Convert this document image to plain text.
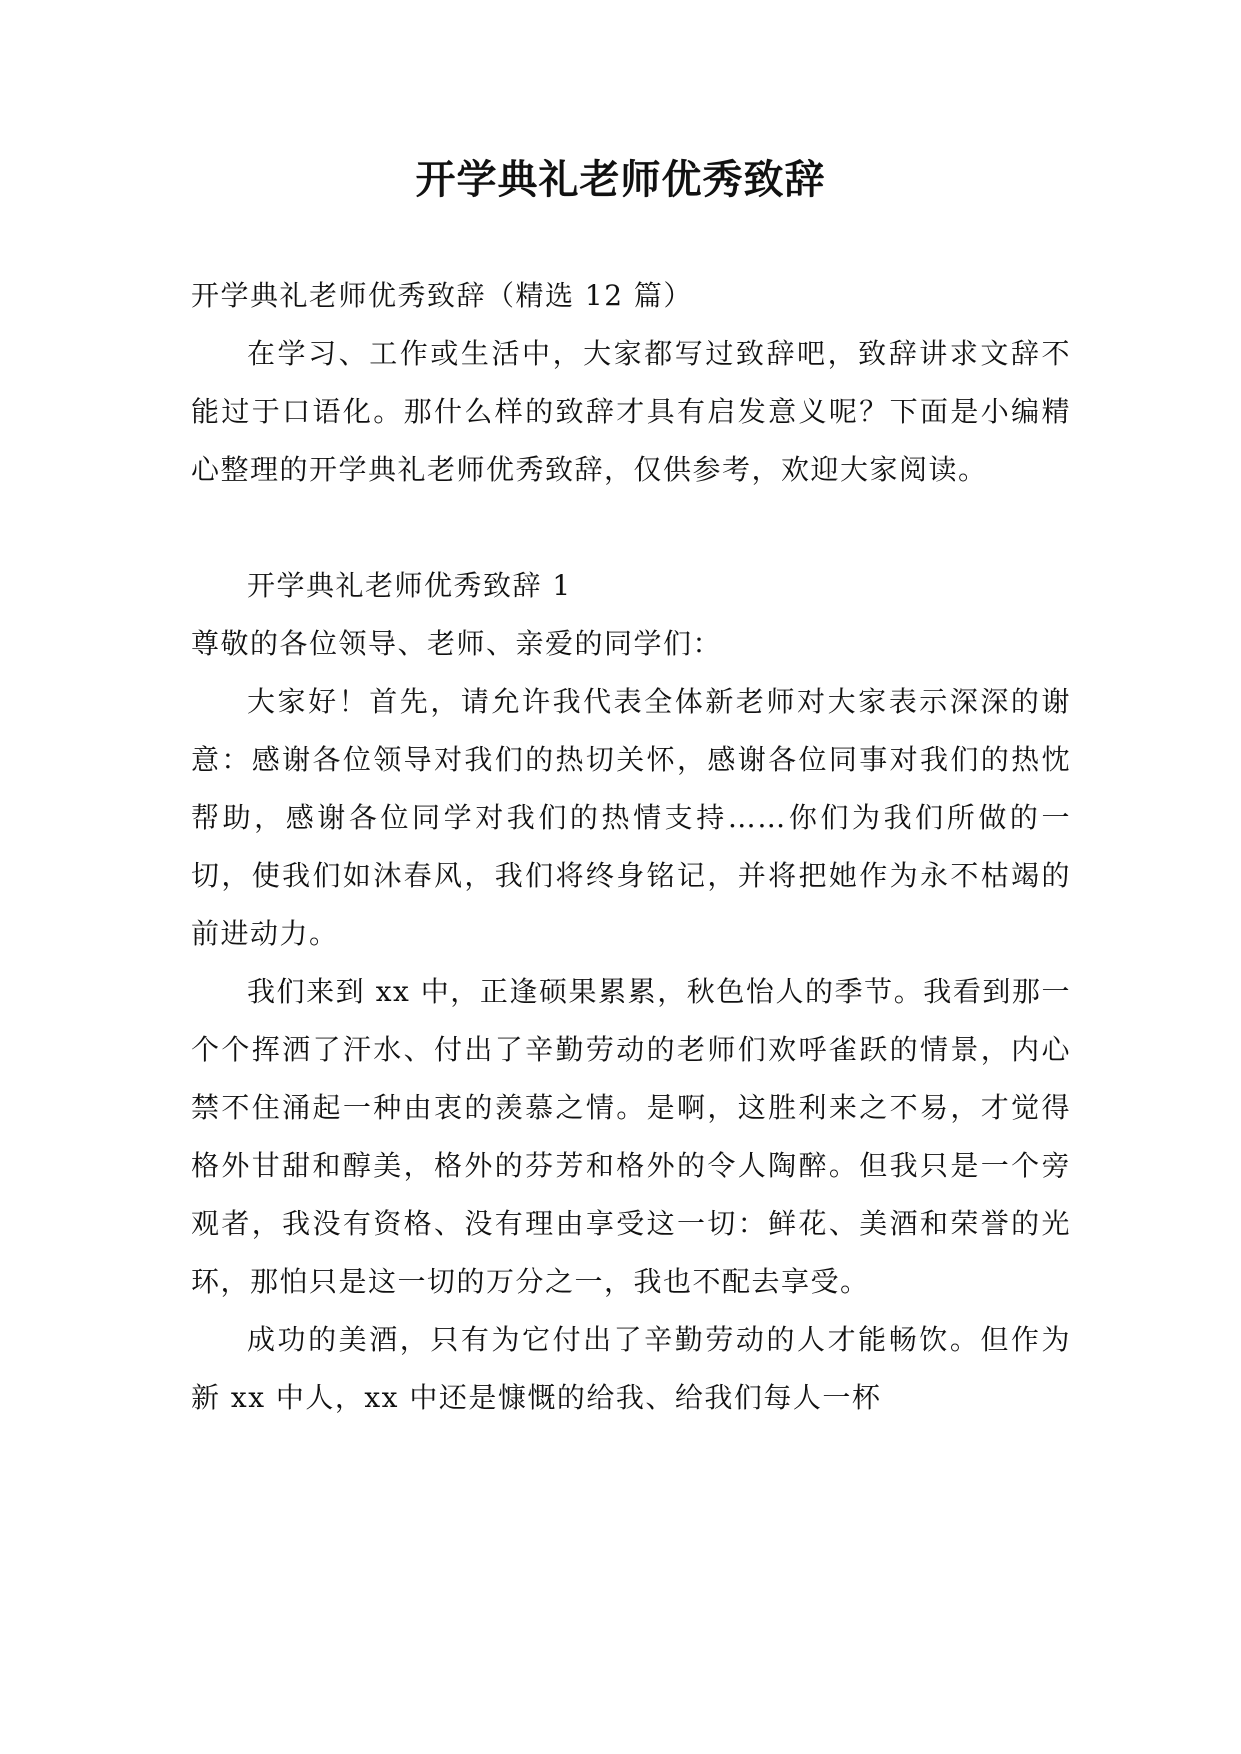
开学典礼老师优秀致辞

开学典礼老师优秀致辞（精选 12 篇）

在学习、工作或生活中，大家都写过致辞吧，致辞讲求文辞不能过于口语化。那什么样的致辞才具有启发意义呢？下面是小编精心整理的开学典礼老师优秀致辞，仅供参考，欢迎大家阅读。

开学典礼老师优秀致辞 1

尊敬的各位领导、老师、亲爱的同学们：

大家好！首先，请允许我代表全体新老师对大家表示深深的谢意：感谢各位领导对我们的热切关怀，感谢各位同事对我们的热忱帮助，感谢各位同学对我们的热情支持……你们为我们所做的一切，使我们如沐春风，我们将终身铭记，并将把她作为永不枯竭的前进动力。

我们来到 xx 中，正逢硕果累累，秋色怡人的季节。我看到那一个个挥洒了汗水、付出了辛勤劳动的老师们欢呼雀跃的情景，内心禁不住涌起一种由衷的羡慕之情。是啊，这胜利来之不易，才觉得格外甘甜和醇美，格外的芬芳和格外的令人陶醉。但我只是一个旁观者，我没有资格、没有理由享受这一切：鲜花、美酒和荣誉的光环，那怕只是这一切的万分之一，我也不配去享受。

成功的美酒，只有为它付出了辛勤劳动的人才能畅饮。但作为新 xx 中人，xx 中还是慷慨的给我、给我们每人一杯
